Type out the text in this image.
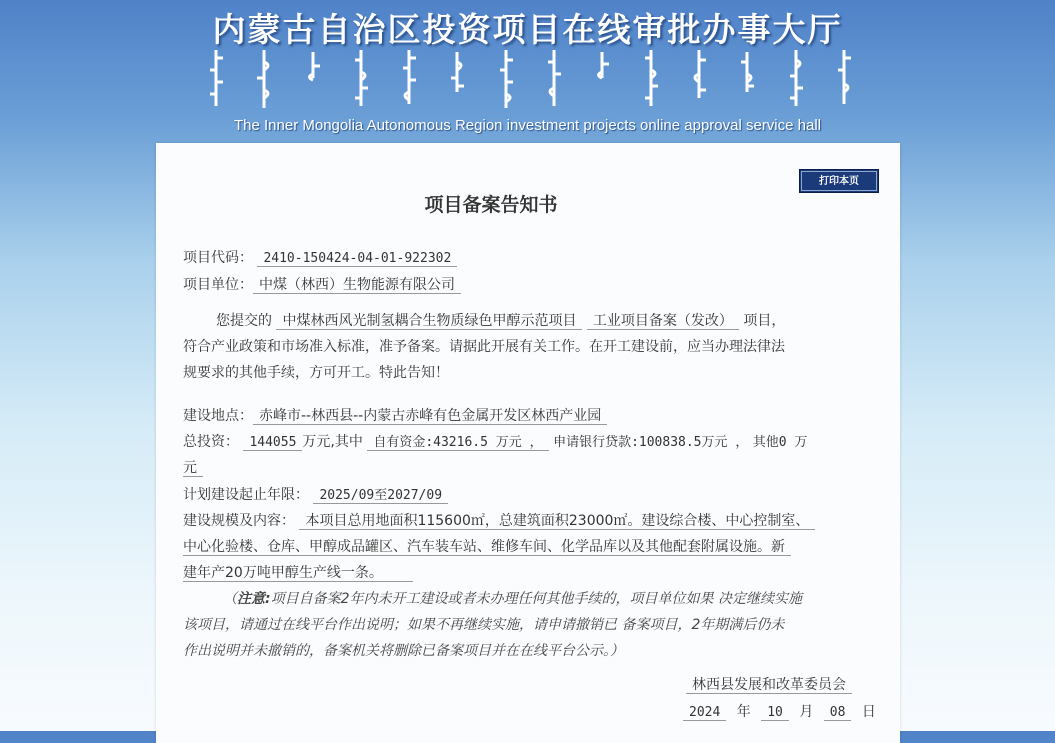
内蒙古自治区投资项目在线审批办事大厅
The Inner Mongolia Autonomous Region investment projects online approval service hall
打印本页
项目备案告知书
项目代码： 2410-150424-04-01-922302
项目单位： 中煤（林西）生物能源有限公司
您提交的 中煤林西风光制氢耦合生物质绿色甲醇示范项目 工业项目备案（发改） 项目，
符合产业政策和市场准入标准，准予备案。请据此开展有关工作。在开工建设前，应当办理法律法
规要求的其他手续，方可开工。特此告知！
建设地点： 赤峰市--林西县--内蒙古赤峰有色金属开发区林西产业园
总投资： 144055 万元,其中 自有资金:43216.5 万元 ， 申请银行贷款:100838.5万元 ， 其他0 万
元
计划建设起止年限： 2025/09至2027/09
建设规模及内容： 本项目总用地面积115600㎡，总建筑面积23000㎡。建设综合楼、中心控制室、
中心化验楼、仓库、甲醇成品罐区、汽车装车站、维修车间、化学品库以及其他配套附属设施。新
建年产20万吨甲醇生产线一条。
（注意:项目自备案2年内未开工建设或者未办理任何其他手续的，项目单位如果 决定继续实施
该项目，请通过在线平台作出说明；如果不再继续实施，请申请撤销已 备案项目，2年期满后仍未
作出说明并未撤销的，备案机关将删除已备案项目并在在线平台公示。）
林西县发展和改革委员会
2024 年 10 月 08 日
